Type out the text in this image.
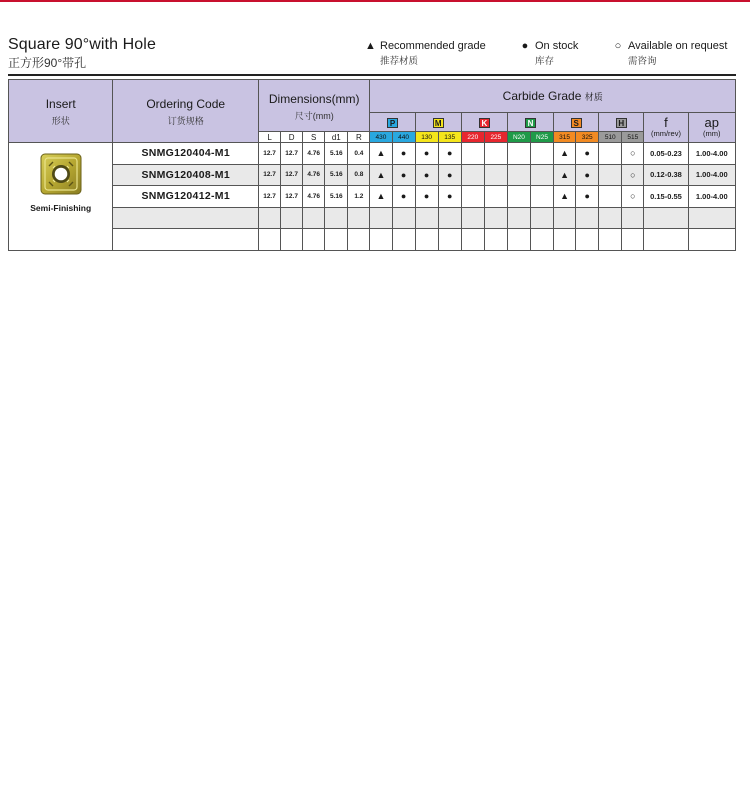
Square 90°with Hole
正方形90°带孔
▲ Recommended grade
推荐材质
● On stock
库存
○ Available on request
需咨询
Insert
形状	Ordering Code
订货规格	Dimensions(mm)
尺寸(mm)					Carbide Grade 材质													
							P		M		K		N		S		H		f
(mm/rev)	ap
(mm)

		L	D	S	d1	R	430	440	130	135	220	225	N20	N25	315	325	510	515		

Semi-Finishing	SNMG120404-M1	12.7	12.7	4.76	5.16	0.4	▲	●	●	●					▲	●		○	0.05-0.23	1.00-4.00
	SNMG120408-M1	12.7	12.7	4.76	5.16	0.8	▲	●	●	●					▲	●		○	0.12-0.38	1.00-4.00
	SNMG120412-M1	12.7	12.7	4.76	5.16	1.2	▲	●	●	●					▲	●		○	0.15-0.55	1.00-4.00
